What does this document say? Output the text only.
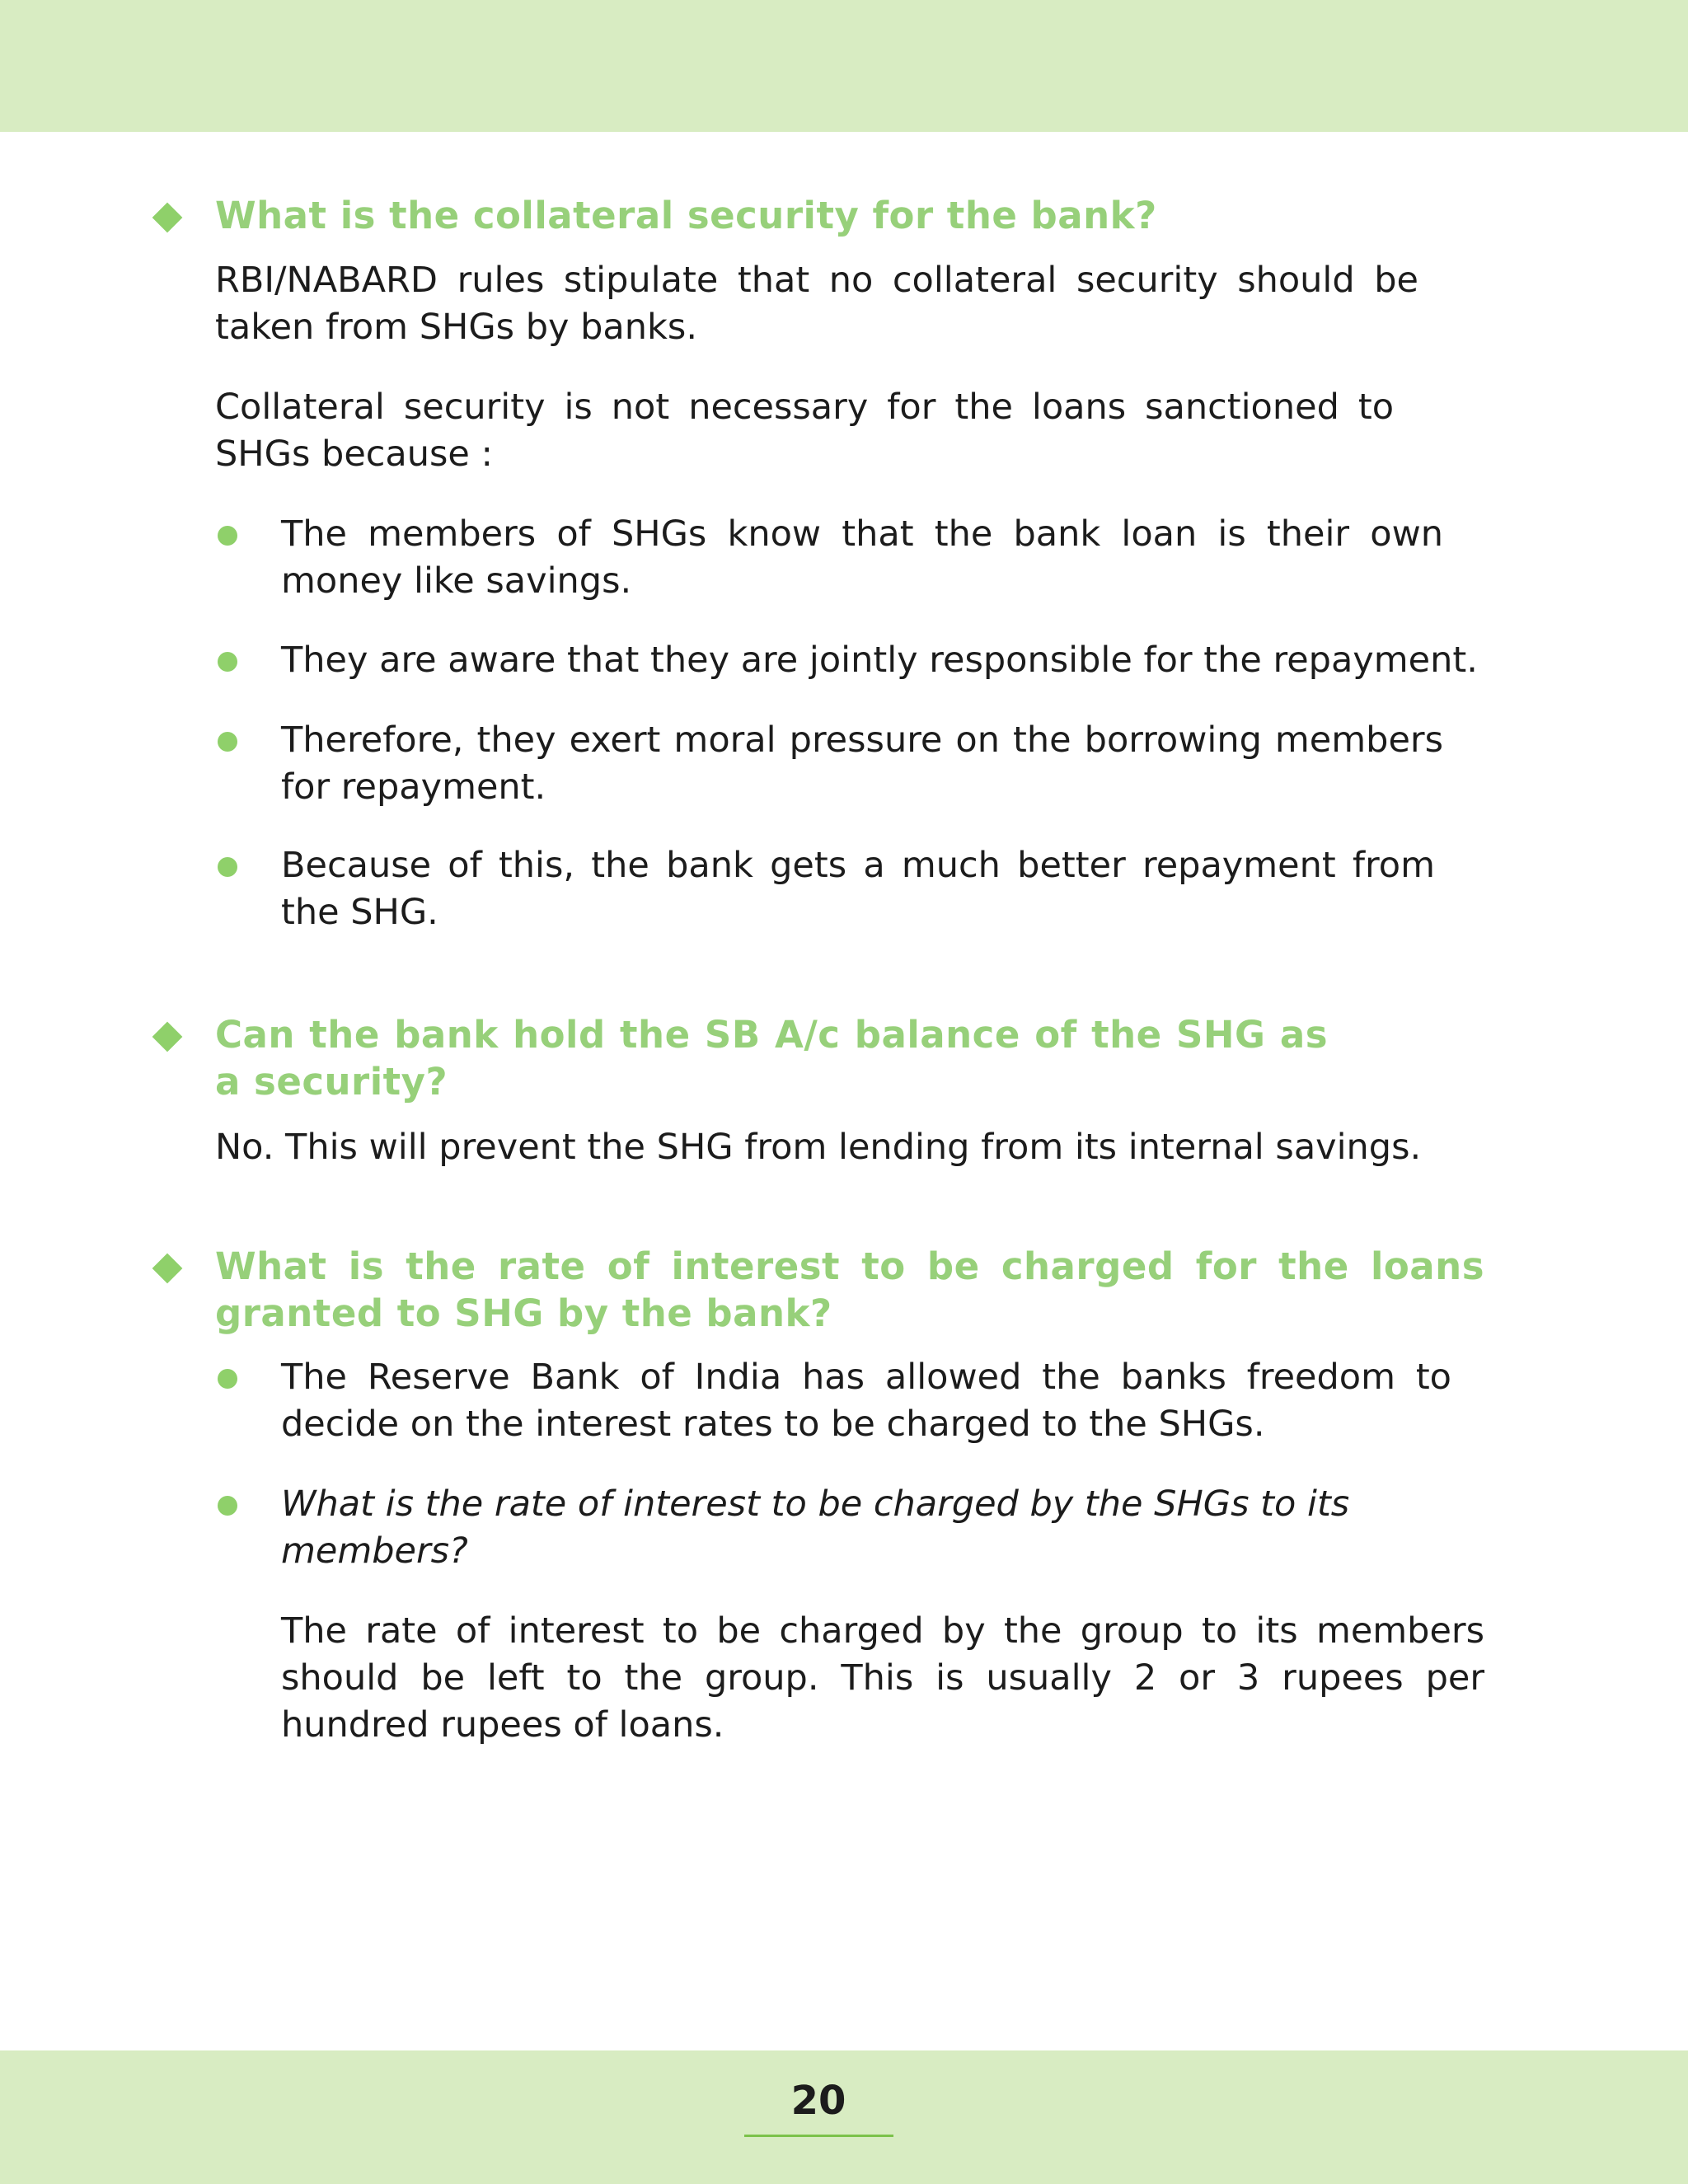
What is the collateral security for the bank?

RBI/NABARD rules stipulate that no collateral security should be taken from SHGs by banks.

Collateral security is not necessary for the loans sanctioned to SHGs because :

The members of SHGs know that the bank loan is their own money like savings.

They are aware that they are jointly responsible for the repayment.

Therefore, they exert moral pressure on the borrowing members for repayment.

Because of this, the bank gets a much better repayment from the SHG.

Can the bank hold the SB A/c balance of the SHG as a security?

No. This will prevent the SHG from lending from its internal savings.

What is the rate of interest to be charged for the loans granted to SHG by the bank?

The Reserve Bank of India has allowed the banks freedom to decide on the interest rates to be charged to the SHGs.

What is the rate of interest to be charged by the SHGs to its members?

The rate of interest to be charged by the group to its members should be left to the group. This is usually 2 or 3 rupees per hundred rupees of loans.

20
